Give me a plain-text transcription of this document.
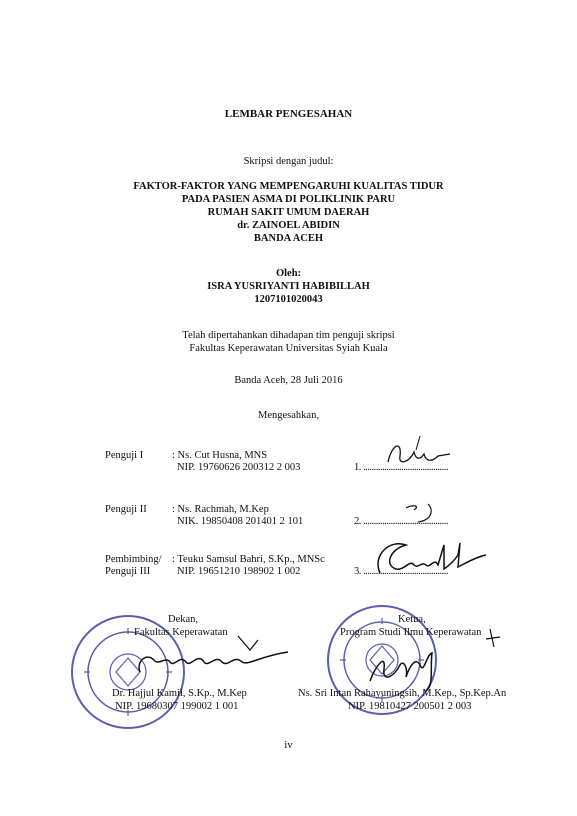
LEMBAR PENGESAHAN
Skripsi dengan judul:
FAKTOR-FAKTOR YANG MEMPENGARUHI KUALITAS TIDUR
PADA PASIEN ASMA DI POLIKLINIK PARU
RUMAH SAKIT UMUM DAERAH
dr. ZAINOEL ABIDIN
BANDA ACEH
Oleh:
ISRA YUSRIYANTI HABIBILLAH
1207101020043
Telah dipertahankan dihadapan tim penguji skripsi
Fakultas Keperawatan Universitas Syiah Kuala
Banda Aceh, 28 Juli 2016
Mengesahkan,
Penguji I	: Ns. Cut Husna, MNS
NIP. 19760626 200312 2 003	1. ........................................
Penguji II : Ns. Rachmah, M.Kep
NIK. 19850408 201401 2 101	2. ........................................
Pembimbing/
Penguji III
: Teuku Samsul Bahri, S.Kp., MNSc
NIP. 19651210 198902 1 002	3. ........................................
Dekan,
Fakultas Keperawatan
Dr. Hajjul Kamil, S.Kp., M.Kep
NIP. 19680307 199002 1 001
Ketua,
Program Studi Ilmu Keperawatan
Ns. Sri Intan Rahayuningsih, M.Kep., Sp.Kep.An
NIP. 19810427 200501 2 003
iv
